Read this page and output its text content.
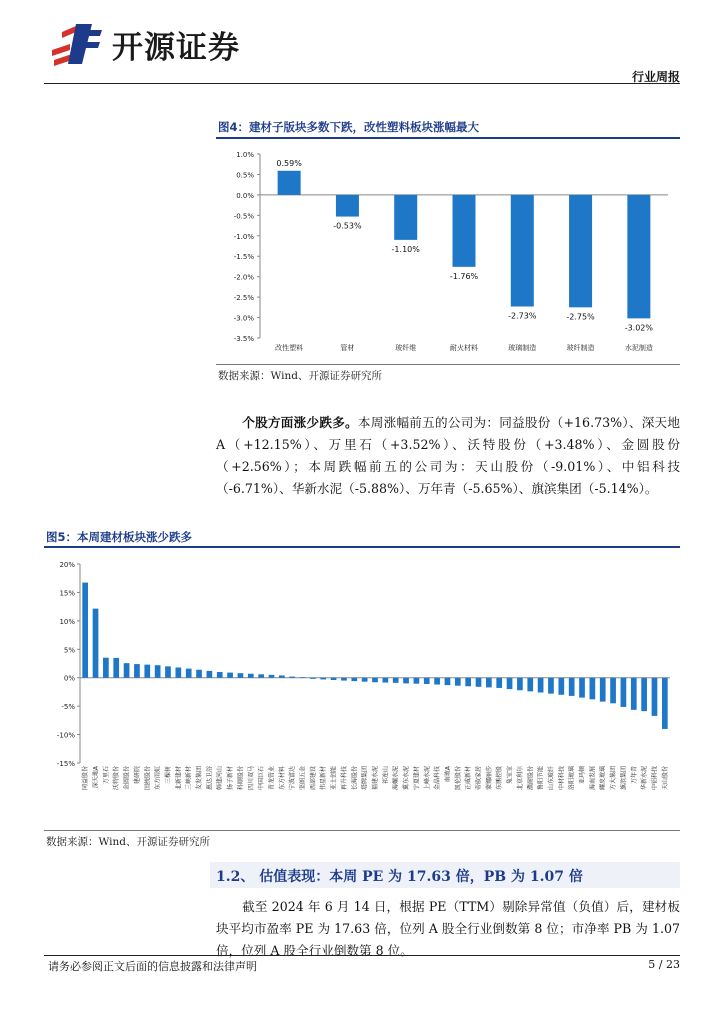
开源证券
行业周报
图4：建材子版块多数下跌，改性塑料板块涨幅最大
1.0%
0.5%
0.0%
-0.5%
-1.0%
-1.5%
-2.0%
-2.5%
-3.0%
-3.5%
0.59%
改性塑料
-0.53%
管材
-1.10%
玻纤维
-1.76%
耐火材料
-2.73%
玻璃制造
-2.75%
玻纤制造
-3.02%
水泥制造
数据来源：Wind、开源证券研究所
个股方面涨少跌多。本周涨幅前五的公司为：同益股份（+16.73%）、深天地 A（+12.15%）、万里石（+3.52%）、沃特股份（+3.48%）、金圆股份（+2.56%）；本周跌幅前五的公司为：天山股份（-9.01%）、中铝科技（-6.71%）、华新水泥（-5.88%）、万年青（-5.65%）、旗滨集团（-5.14%）。
图5：本周建材板块涨少跌多
20%
15%
10%
5%
0%
-5%
-10%
-15%
同益股份 深天地A 万里石 沃特股份 金圆股份 建研院 国统股份 东方雨虹 三棵树 北新建材 三峡新材 友发集团 惠达卫浴 韩建河山 扬子新材 科顺股份 四川双马 中国巨石 青龙管业 东方材料 宁波富达 坚朗五金 西部建设 伟星新材 亚士创能 再升科技 长海股份 塔牌集团 福建水泥 祁连山 海螺水泥 冀东水泥 宁夏建材 上峰水泥 金晶科技 南玻A 凯伦股份 正威新材 帝欧家居 蒙娜丽莎 东鹏控股 兔宝宝 北京利尔 濮耐股份 鲁阳节能 山东玻纤 中材科技 洛阳玻璃 亚玛顿 海南发展 耀皮玻璃 方大集团 旗滨集团 万年青 华新水泥 中铝科技 天山股份
数据来源：Wind、开源证券研究所
1.2、 估值表现：本周 PE 为 17.63 倍，PB 为 1.07 倍
截至 2024 年 6 月 14 日，根据 PE（TTM）剔除异常值（负值）后，建材板块平均市盈率 PE 为 17.63 倍，位列 A 股全行业倒数第 8 位；市净率 PB 为 1.07 倍，位列 A 股全行业倒数第 8 位。
请务必参阅正文后面的信息披露和法律声明	5 / 23
